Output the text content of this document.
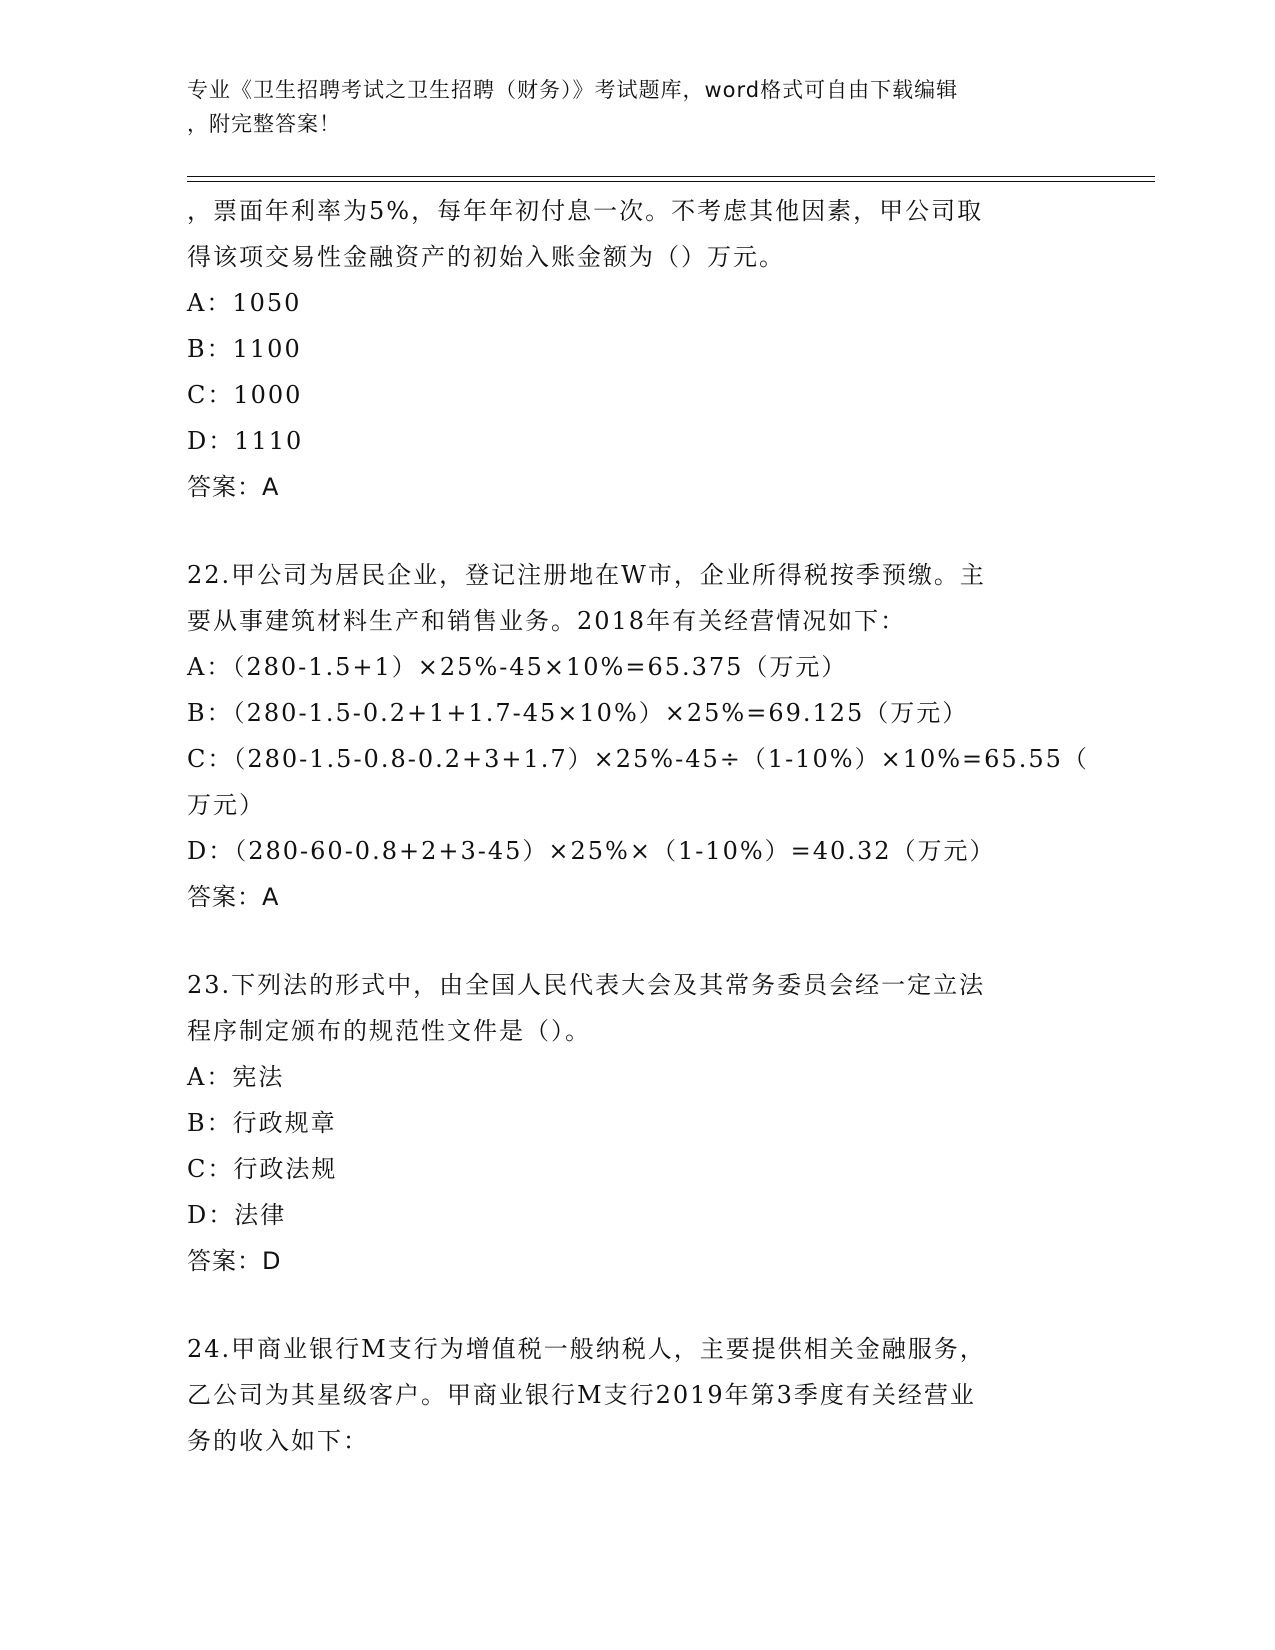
专业《卫生招聘考试之卫生招聘（财务）》考试题库，word格式可自由下载编辑
，附完整答案！
，票面年利率为5%，每年年初付息一次。不考虑其他因素，甲公司取
得该项交易性金融资产的初始入账金额为（）万元。
A：1050
B：1100
C：1000
D：1110
答案：A
22.甲公司为居民企业，登记注册地在W市，企业所得税按季预缴。主
要从事建筑材料生产和销售业务。2018年有关经营情况如下：
A：（280-1.5+1）×25%-45×10%=65.375（万元）
B：（280-1.5-0.2+1+1.7-45×10%）×25%=69.125（万元）
C：（280-1.5-0.8-0.2+3+1.7）×25%-45÷（1-10%）×10%=65.55（
万元）
D：（280-60-0.8+2+3-45）×25%×（1-10%）=40.32（万元）
答案：A
23.下列法的形式中，由全国人民代表大会及其常务委员会经一定立法
程序制定颁布的规范性文件是（）。
A：宪法
B：行政规章
C：行政法规
D：法律
答案：D
24.甲商业银行M支行为增值税一般纳税人，主要提供相关金融服务，
乙公司为其星级客户。甲商业银行M支行2019年第3季度有关经营业
务的收入如下：
